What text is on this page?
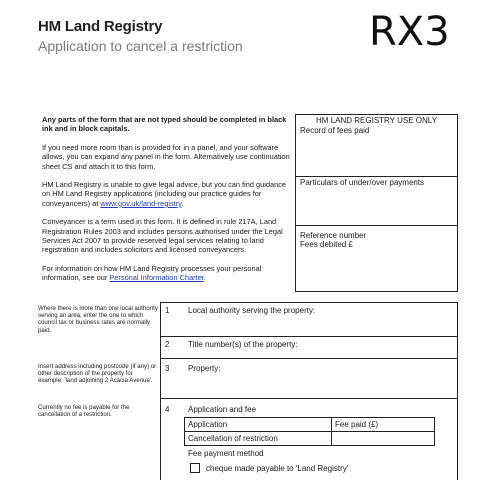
HM Land Registry
Application to cancel a restriction	RX3

Any parts of the form that are not typed should be completed in black ink and in block capitals.

If you need more room than is provided for in a panel, and your software allows, you can expand any panel in the form. Alternatively use continuation sheet CS and attach it to this form.

HM Land Registry is unable to give legal advice, but you can find guidance on HM Land Registry applications (including our practice guides for conveyancers) at www.gov.uk/land-registry.

Conveyancer is a term used in this form. It is defined in rule 217A, Land Registration Rules 2003 and includes persons authorised under the Legal Services Act 2007 to provide reserved legal services relating to land registration and includes solicitors and licensed conveyancers.

For information on how HM Land Registry processes your personal information, see our Personal Information Charter.

HM LAND REGISTRY USE ONLY
Record of fees paid
Particulars of under/over payments
Reference number
Fees debited £
Where there is more than one local authority serving an area, enter the one to which council tax or business rates are normally paid.
1 Local authority serving the property:
2 Title number(s) of the property:
Insert address including postcode (if any) or other description of the property for example, 'land adjoining 2 Acacia Avenue'.
3 Property:
Currently no fee is payable for the cancellation of a restriction.
4 Application and fee
Application	Fee paid (£)
Cancellation of restriction	
Fee payment method
cheque made payable to 'Land Registry'
